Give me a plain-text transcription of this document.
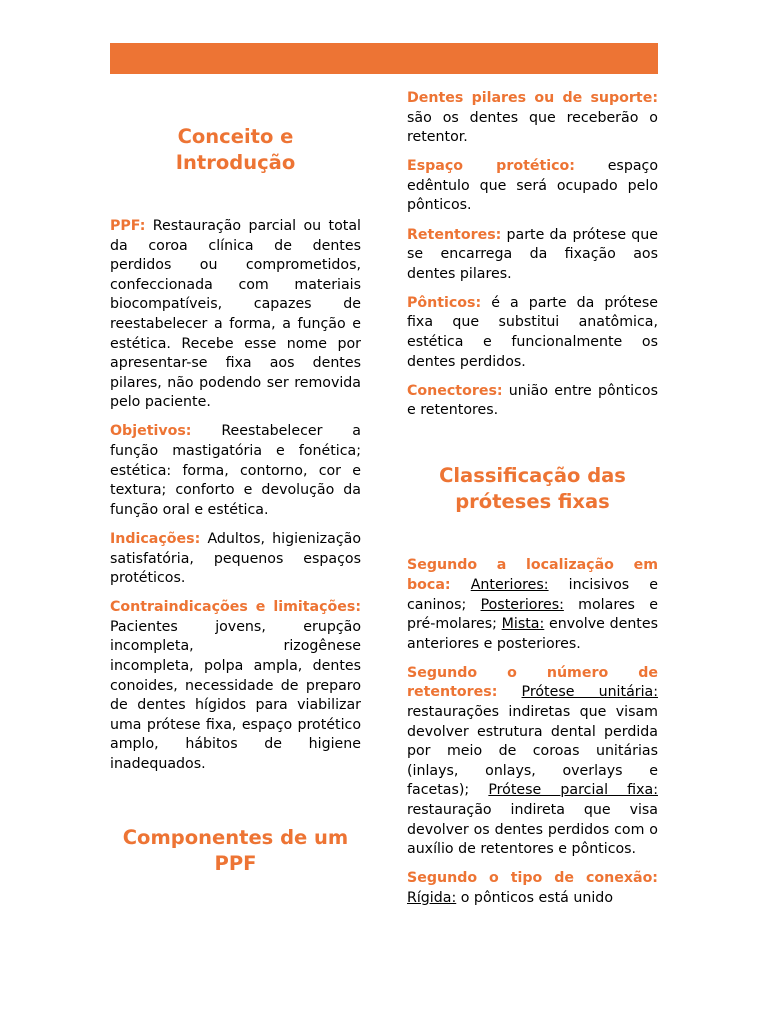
Conceito e
Introdução

PPF: Restauração parcial ou total da coroa clínica de dentes perdidos ou comprometidos, confeccionada com materiais biocompatíveis, capazes de reestabelecer a forma, a função e estética. Recebe esse nome por apresentar-se fixa aos dentes pilares, não podendo ser removida pelo paciente.

Objetivos: Reestabelecer a função mastigatória e fonética; estética: forma, contorno, cor e textura; conforto e devolução da função oral e estética.

Indicações: Adultos, higienização satisfatória, pequenos espaços protéticos.

Contraindicações e limitações: Pacientes jovens, erupção incompleta, rizogênese incompleta, polpa ampla, dentes conoides, necessidade de preparo de dentes hígidos para viabilizar uma prótese fixa, espaço protético amplo, hábitos de higiene inadequados.

Componentes de um
PPF

Dentes pilares ou de suporte: são os dentes que receberão o retentor.

Espaço protético: espaço edêntulo que será ocupado pelo pônticos.

Retentores: parte da prótese que se encarrega da fixação aos dentes pilares.

Pônticos: é a parte da prótese fixa que substitui anatômica, estética e funcionalmente os dentes perdidos.

Conectores: união entre pônticos e retentores.

Classificação das
próteses fixas

Segundo a localização em boca: Anteriores: incisivos e caninos; Posteriores: molares e pré-molares; Mista: envolve dentes anteriores e posteriores.

Segundo o número de retentores: Prótese unitária: restaurações indiretas que visam devolver estrutura dental perdida por meio de coroas unitárias (inlays, onlays, overlays e facetas); Prótese parcial fixa: restauração indireta que visa devolver os dentes perdidos com o auxílio de retentores e pônticos.

Segundo o tipo de conexão: Rígida: o pônticos está unido
